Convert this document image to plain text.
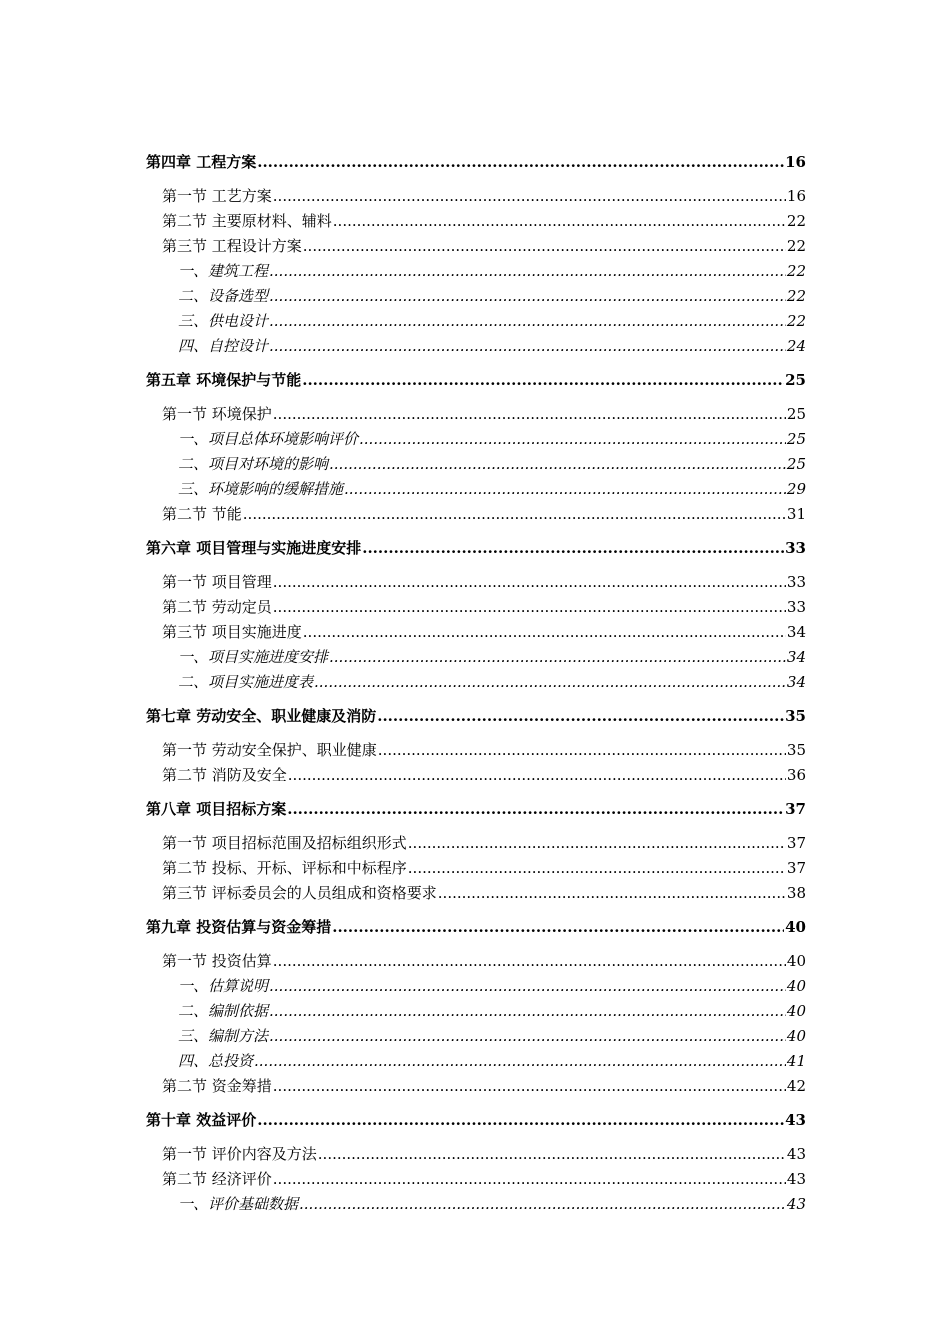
第四章 工程方案 .....	16
第一节 工艺方案 .....	16
第二节 主要原材料、辅料 .....	22
第三节 工程设计方案 .....	22
一、建筑工程 .....	22
二、设备选型 .....	22
三、供电设计 .....	22
四、自控设计 .....	24
第五章 环境保护与节能 .....	25
第一节 环境保护 .....	25
一、项目总体环境影响评价 .....	25
二、项目对环境的影响 .....	25
三、环境影响的缓解措施 .....	29
第二节 节能 .....	31
第六章 项目管理与实施进度安排 .....	33
第一节 项目管理 .....	33
第二节 劳动定员 .....	33
第三节 项目实施进度 .....	34
一、项目实施进度安排 .....	34
二、项目实施进度表 .....	34
第七章 劳动安全、职业健康及消防 .....	35
第一节 劳动安全保护、职业健康 .....	35
第二节 消防及安全 .....	36
第八章 项目招标方案 .....	37
第一节 项目招标范围及招标组织形式 .....	37
第二节 投标、开标、评标和中标程序 .....	37
第三节 评标委员会的人员组成和资格要求 .....	38
第九章 投资估算与资金筹措 .....	40
第一节 投资估算 .....	40
一、估算说明 .....	40
二、编制依据 .....	40
三、编制方法 .....	40
四、总投资 .....	41
第二节 资金筹措 .....	42
第十章 效益评价 .....	43
第一节 评价内容及方法 .....	43
第二节 经济评价 .....	43
一、评价基础数据 .....	43
